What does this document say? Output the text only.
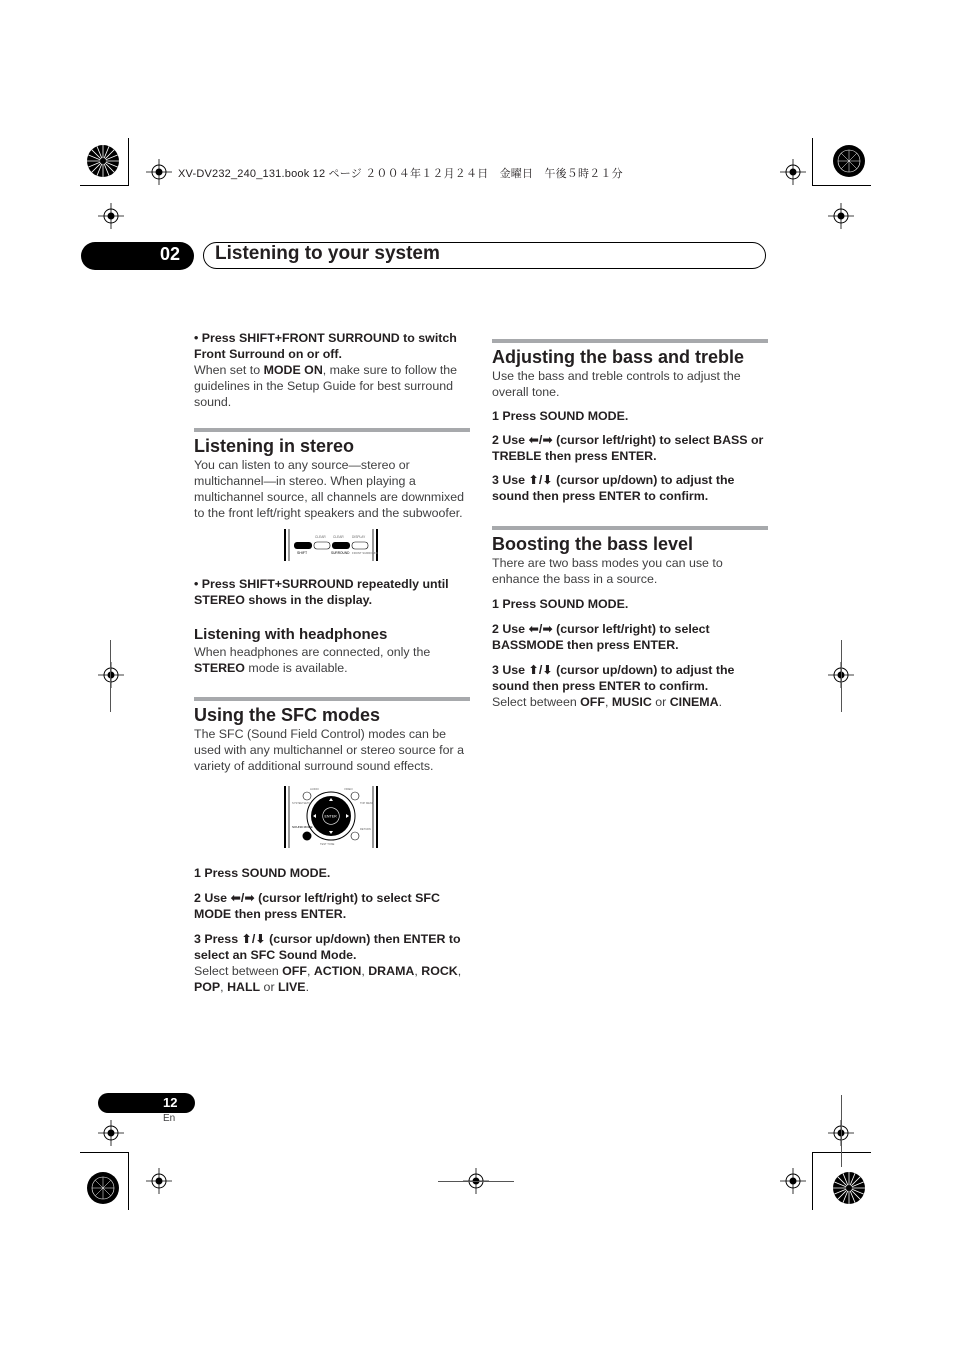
XV-DV232_240_131.book 12 ページ ２００４年１２月２４日　金曜日　午後５時２１分
02 Listening to your system
• Press SHIFT+FRONT SURROUND to switch Front Surround on or off.
When set to MODE ON, make sure to follow the guidelines in the Setup Guide for best surround sound.
Listening in stereo
You can listen to any source—stereo or multichannel—in stereo. When playing a multichannel source, all channels are downmixed to the front left/right speakers and the subwoofer.
SHIFT
CLEAR CLEAR
SURROUND
DISPLAY
FRONT SURROUND
• Press SHIFT+SURROUND repeatedly until STEREO shows in the display.
Listening with headphones
When headphones are connected, only the STEREO mode is available.
Using the SFC modes
The SFC (Sound Field Control) modes can be used with any multichannel or stereo source for a variety of additional surround sound effects.
ENTER
AUDIO	VIDEO
SYSTEM SETUP	TOP MENU
SOUND MODE
RETURN
TEST TONE
1 Press SOUND MODE.
2 Use ⬅/➡ (cursor left/right) to select SFC MODE then press ENTER.
3 Press ⬆/⬇ (cursor up/down) then ENTER to select an SFC Sound Mode.
Select between OFF, ACTION, DRAMA, ROCK, POP, HALL or LIVE.
Adjusting the bass and treble
Use the bass and treble controls to adjust the overall tone.
1 Press SOUND MODE.
2 Use ⬅/➡ (cursor left/right) to select BASS or TREBLE then press ENTER.
3 Use ⬆/⬇ (cursor up/down) to adjust the sound then press ENTER to confirm.
Boosting the bass level
There are two bass modes you can use to enhance the bass in a source.
1 Press SOUND MODE.
2 Use ⬅/➡ (cursor left/right) to select BASSMODE then press ENTER.
3 Use ⬆/⬇ (cursor up/down) to adjust the sound then press ENTER to confirm.
Select between OFF, MUSIC or CINEMA.
12
En
